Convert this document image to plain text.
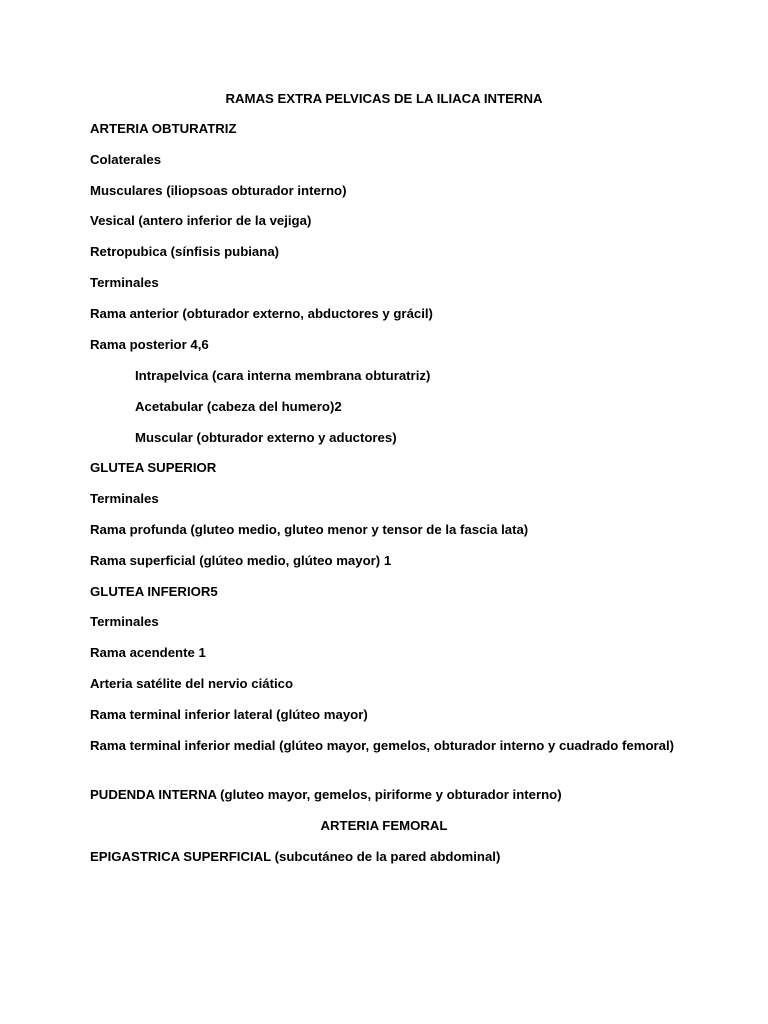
RAMAS EXTRA PELVICAS DE LA ILIACA INTERNA
ARTERIA OBTURATRIZ
Colaterales
Musculares (iliopsoas obturador interno)
Vesical (antero inferior de la vejiga)
Retropubica (sínfisis pubiana)
Terminales
Rama anterior (obturador externo, abductores y grácil)
Rama posterior 4,6
Intrapelvica (cara interna membrana obturatriz)
Acetabular (cabeza del humero)2
Muscular (obturador externo y aductores)
GLUTEA SUPERIOR
Terminales
Rama profunda (gluteo medio, gluteo menor y tensor de la fascia lata)
Rama superficial (glúteo medio, glúteo mayor) 1
GLUTEA INFERIOR5
Terminales
Rama acendente 1
Arteria satélite del nervio ciático
Rama terminal inferior lateral (glúteo mayor)
Rama terminal inferior medial (glúteo mayor, gemelos, obturador interno y cuadrado femoral)
PUDENDA INTERNA (gluteo mayor, gemelos, piriforme y obturador interno)
ARTERIA FEMORAL
EPIGASTRICA SUPERFICIAL (subcutáneo de la pared abdominal)
